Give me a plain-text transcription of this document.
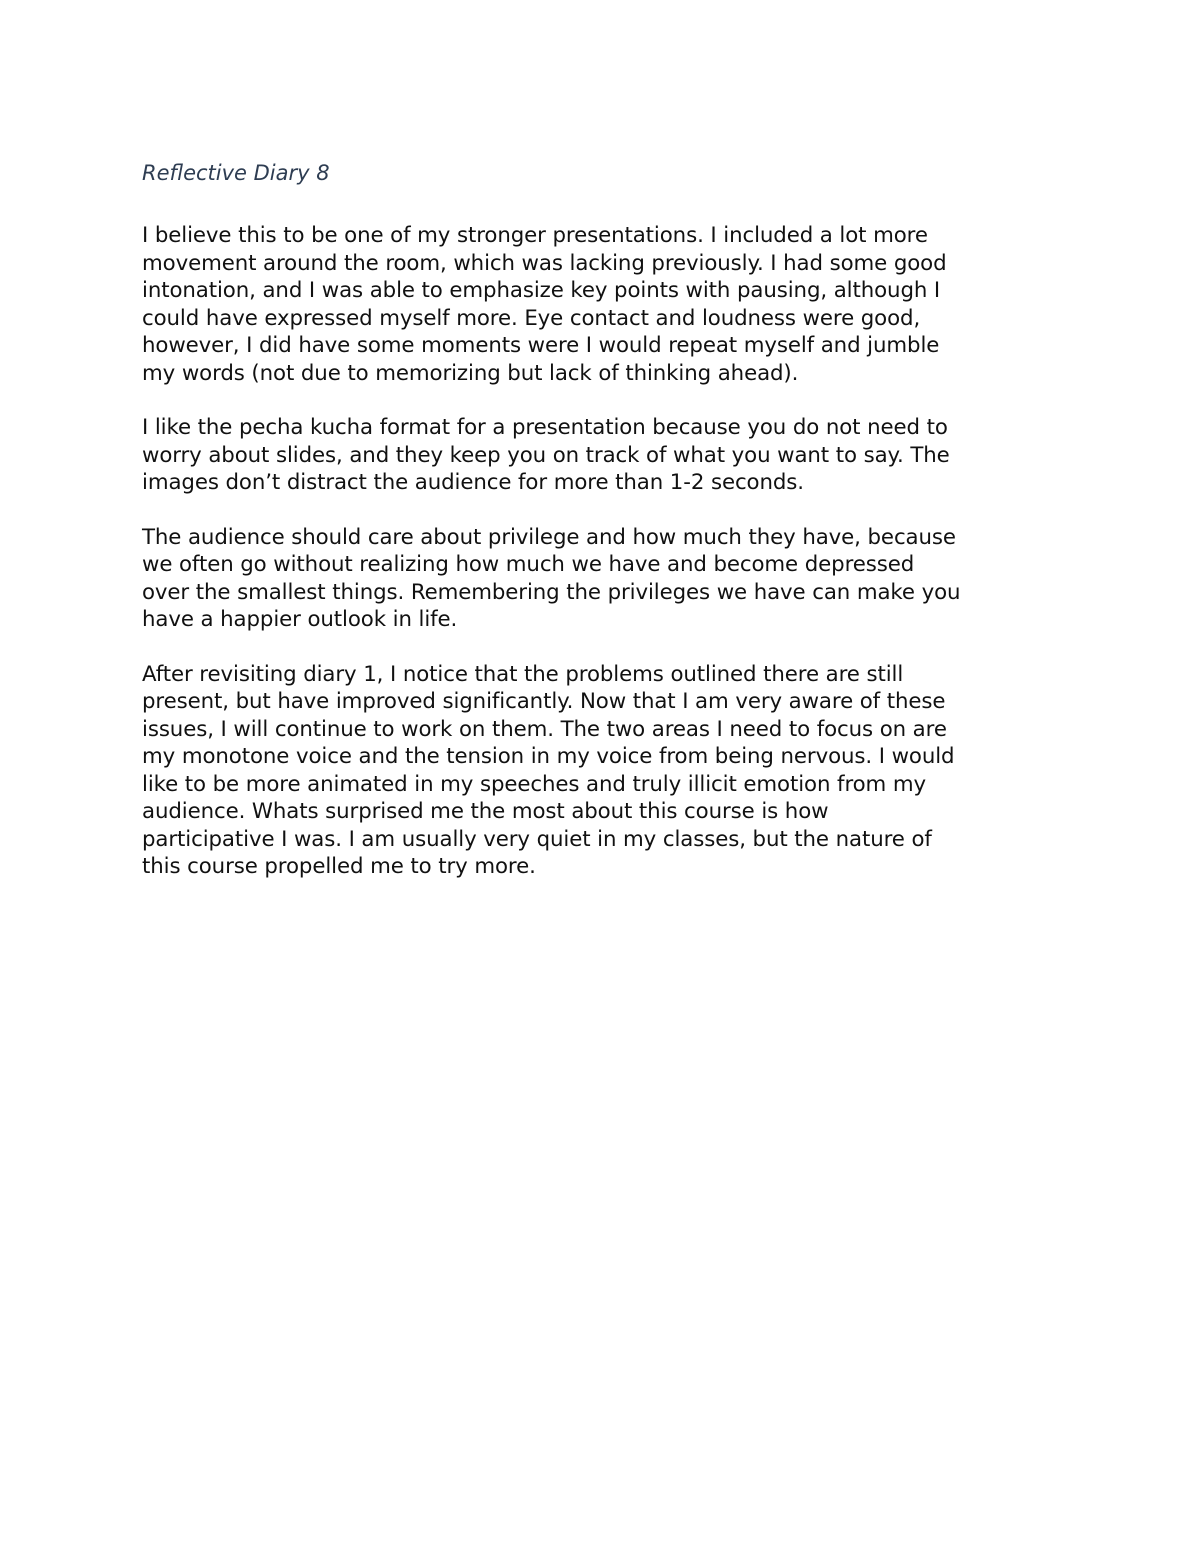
Reflective Diary 8

I believe this to be one of my stronger presentations. I included a lot more
movement around the room, which was lacking previously. I had some good
intonation, and I was able to emphasize key points with pausing, although I
could have expressed myself more. Eye contact and loudness were good,
however, I did have some moments were I would repeat myself and jumble
my words (not due to memorizing but lack of thinking ahead).

I like the pecha kucha format for a presentation because you do not need to
worry about slides, and they keep you on track of what you want to say. The
images don’t distract the audience for more than 1-2 seconds.

The audience should care about privilege and how much they have, because
we often go without realizing how much we have and become depressed
over the smallest things. Remembering the privileges we have can make you
have a happier outlook in life.

After revisiting diary 1, I notice that the problems outlined there are still
present, but have improved significantly. Now that I am very aware of these
issues, I will continue to work on them. The two areas I need to focus on are
my monotone voice and the tension in my voice from being nervous. I would
like to be more animated in my speeches and truly illicit emotion from my
audience. Whats surprised me the most about this course is how
participative I was. I am usually very quiet in my classes, but the nature of
this course propelled me to try more.
